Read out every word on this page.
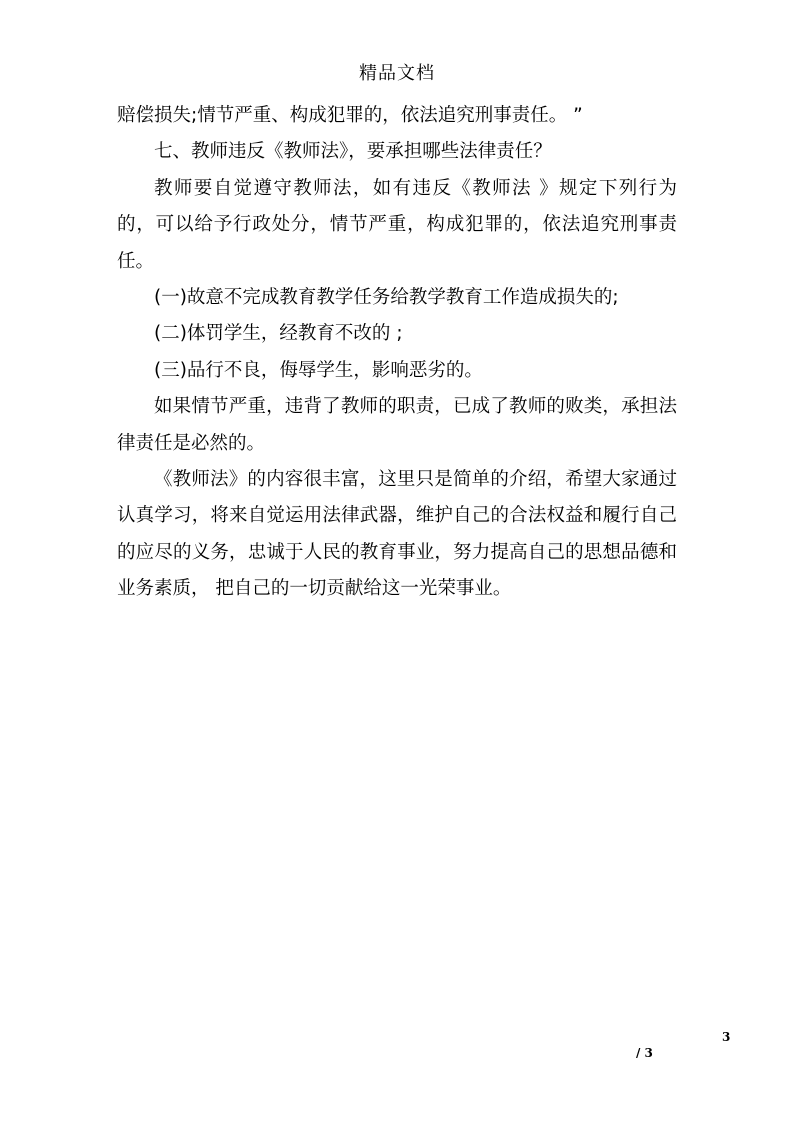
精品文档

赔偿损失;情节严重、构成犯罪的，依法追究刑事责任。 ”

七、教师违反《教师法》，要承担哪些法律责任？

教师要自觉遵守教师法，如有违反《教师法 》规定下列行为的，可以给予行政处分，情节严重，构成犯罪的，依法追究刑事责任。

(一)故意不完成教育教学任务给教学教育工作造成损失的;

(二)体罚学生，经教育不改的 ;

(三)品行不良，侮辱学生，影响恶劣的。

如果情节严重，违背了教师的职责，已成了教师的败类，承担法律责任是必然的。

《教师法》的内容很丰富，这里只是简单的介绍，希望大家通过认真学习，将来自觉运用法律武器，维护自己的合法权益和履行自己的应尽的义务，忠诚于人民的教育事业，努力提高自己的思想品德和业务素质， 把自己的一切贡献给这一光荣事业。

3
/ 3
